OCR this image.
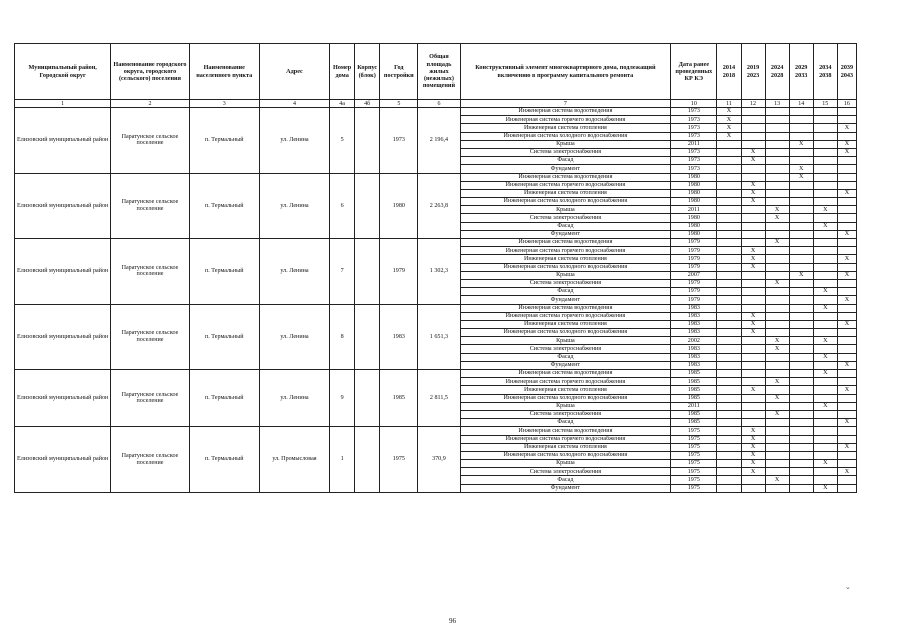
Муниципальный район, Городской округ	Наименование городского округа, городского (сельского) поселения	Наименование населенного пункта	Адрес	Номер дома	Корпус (блок)	Год постройки	Общая площадь жилых (нежилых) помещений	Конструктивный элемент многоквартирного дома, подлежащий включению в программу капитального ремонта	Дата ранее проведенных КР КЭ	2014 2018	2019 2023	2024 2028	2029 2033	2034 2038	2039 2043
1	2	3	4	4а	4б	5	6	7	10	11	12	13	14	15	16
Елизовский муниципальный район	Паратунское сельское поселение	п. Термальный	ул. Ленина	5		1973	2 196,4	Инженерная система водоотведения	1973	X					
								Инженерная система горячего водоснабжения	1973	X					
								Инженерная система отопления	1973	X					X
								Инженерная система холодного водоснабжения	1973	X					
								Крыша	2011				X		X
								Система электроснабжения	1973		X				X
								Фасад	1973		X				
								Фундамент	1973				X		
Елизовский муниципальный район	Паратунское сельское поселение	п. Термальный	ул. Ленина	6		1980	2 263,8	Инженерная система водоотведения	1980				X		
								Инженерная система горячего водоснабжения	1980		X				
								Инженерная система отопления	1980		X				X
								Инженерная система холодного водоснабжения	1980		X				
								Крыша	2011			X		X	
								Система электроснабжения	1980			X			
								Фасад	1980					X	
								Фундамент	1980						X
Елизовский муниципальный район	Паратунское сельское поселение	п. Термальный	ул. Ленина	7		1979	1 302,3	Инженерная система водоотведения	1979			X			
								Инженерная система горячего водоснабжения	1979		X				
								Инженерная система отопления	1979		X				X
								Инженерная система холодного водоснабжения	1979		X				
								Крыша	2007				X		X
								Система электроснабжения	1979			X			
								Фасад	1979					X	
								Фундамент	1979						X
Елизовский муниципальный район	Паратунское сельское поселение	п. Термальный	ул. Ленина	8		1983	1 651,3	Инженерная система водоотведения	1983					X	
								Инженерная система горячего водоснабжения	1983		X				
								Инженерная система отопления	1983		X				X
								Инженерная система холодного водоснабжения	1983		X				
								Крыша	2002			X		X	
								Система электроснабжения	1983			X			
								Фасад	1983					X	
								Фундамент	1983						X
Елизовский муниципальный район	Паратунское сельское поселение	п. Термальный	ул. Ленина	9		1985	2 811,5	Инженерная система водоотведения	1985					X	
								Инженерная система горячего водоснабжения	1985			X			
								Инженерная система отопления	1985		X				X
								Инженерная система холодного водоснабжения	1985			X			
								Крыша	2011					X	
								Система электроснабжения	1985			X			
								Фасад	1985						X
Елизовский муниципальный район	Паратунское сельское поселение	п. Термальный	ул. Промысловая	1		1975	370,9	Инженерная система водоотведения	1975		X				
								Инженерная система горячего водоснабжения	1975		X				
								Инженерная система отопления	1975		X				X
								Инженерная система холодного водоснабжения	1975		X				
								Крыша	1975		X			X	
								Система электроснабжения	1975		X				X
								Фасад	1975			X			
								Фундамент	1975					X	
96
⌄
